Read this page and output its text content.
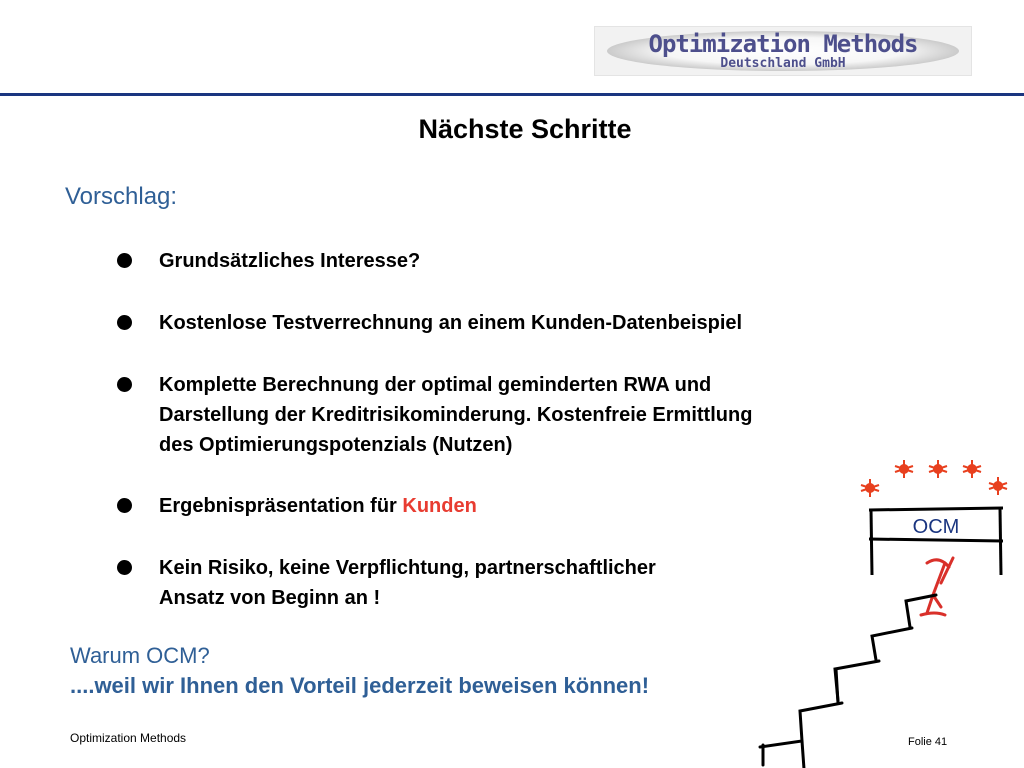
Optimization Methods
Deutschland GmbH
Nächste Schritte
Vorschlag:
Grundsätzliches Interesse?
Kostenlose Testverrechnung an einem Kunden-Datenbeispiel
Komplette Berechnung der optimal geminderten RWA und
Darstellung der Kreditrisikominderung. Kostenfreie Ermittlung
des Optimierungspotenzials (Nutzen)
Ergebnispräsentation für Kunden
Kein Risiko, keine Verpflichtung, partnerschaftlicher
Ansatz von Beginn an !
Warum OCM?
....weil wir Ihnen den Vorteil jederzeit beweisen können!
OCM
Optimization Methods	Folie 41
